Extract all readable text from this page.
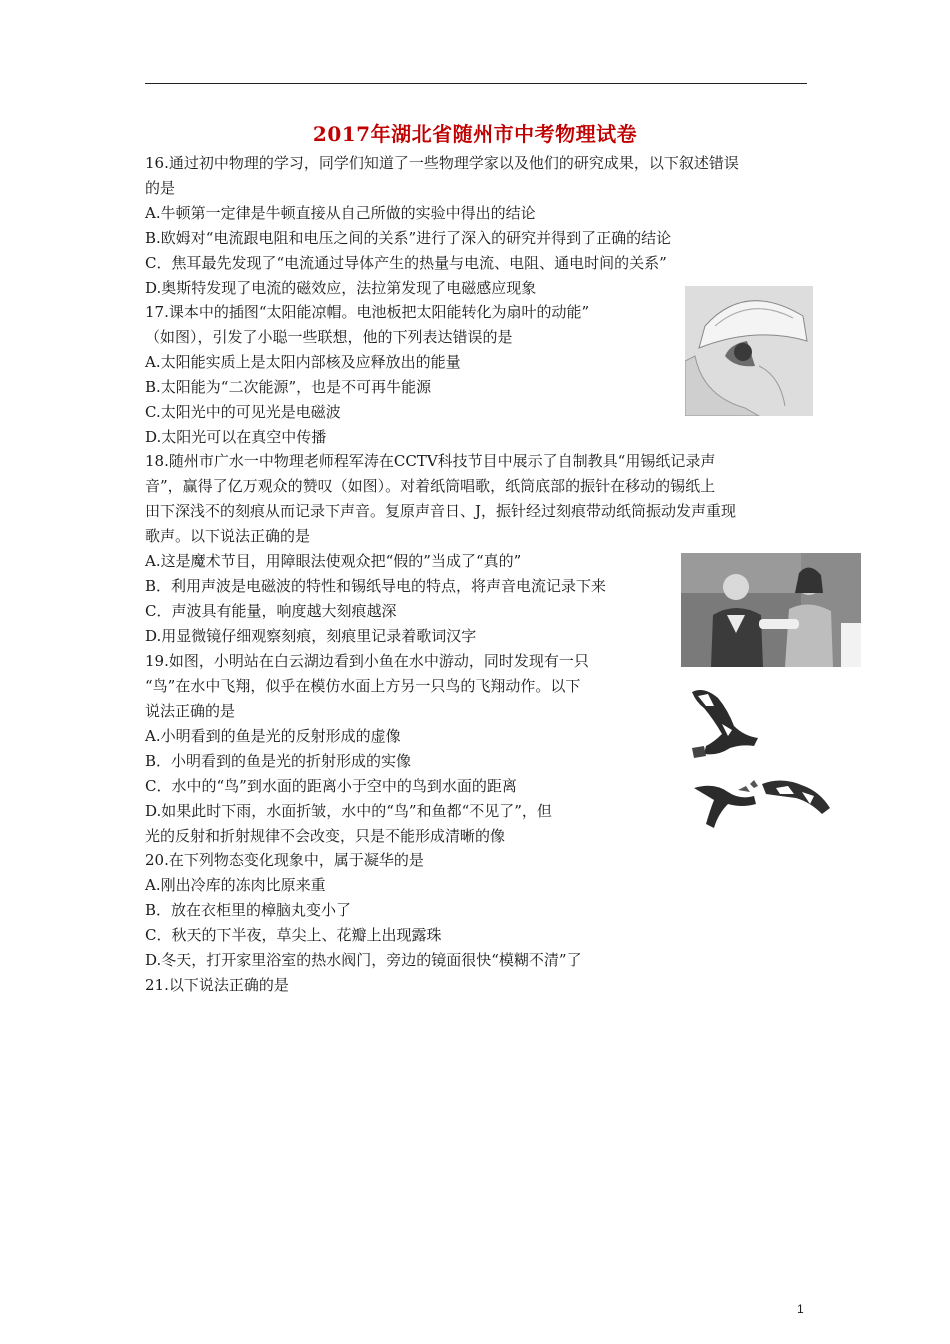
2017年湖北省随州市中考物理试卷
16.通过初中物理的学习，同学们知道了一些物理学家以及他们的研究成果，以下叙述错误
的是
A.牛顿第一定律是牛顿直接从自己所做的实验中得出的结论
B.欧姆对“电流跟电阻和电压之间的关系”进行了深入的研究并得到了正确的结论
C．焦耳最先发现了“电流通过导体产生的热量与电流、电阻、通电时间的关系”
D.奥斯特发现了电流的磁效应，法拉第发现了电磁感应现象
17.课本中的插图“太阳能凉帽。电池板把太阳能转化为扇叶的动能”
（如图），引发了小聪一些联想，他的下列表达错误的是
A.太阳能实质上是太阳内部核及应释放出的能量
B.太阳能为“二次能源”，也是不可再牛能源
C.太阳光中的可见光是电磁波
D.太阳光可以在真空中传播
18.随州市广水一中物理老师程军涛在CCTV科技节目中展示了自制教具“用锡纸记录声
音”，赢得了亿万观众的赞叹（如图）。对着纸筒唱歌，纸筒底部的振针在移动的锡纸上
田下深浅不的刻痕从而记录下声音。复原声音日、J，振针经过刻痕带动纸筒振动发声重现
歌声。以下说法正确的是
A.这是魔术节目，用障眼法使观众把“假的”当成了“真的”
B．利用声波是电磁波的特性和锡纸导电的特点，将声音电流记录下来
C．声波具有能量，响度越大刻痕越深
D.用显微镜仔细观察刻痕，刻痕里记录着歌词汉字
19.如图，小明站在白云湖边看到小鱼在水中游动，同时发现有一只
“鸟”在水中飞翔，似乎在模仿水面上方另一只鸟的飞翔动作。以下
说法正确的是
A.小明看到的鱼是光的反射形成的虚像
B．小明看到的鱼是光的折射形成的实像
C．水中的“鸟”到水面的距离小于空中的鸟到水面的距离
D.如果此时下雨，水面折皱，水中的“鸟”和鱼都“不见了”，但
光的反射和折射规律不会改变，只是不能形成清晰的像
20.在下列物态变化现象中，属于凝华的是
A.刚出冷库的冻肉比原来重
B．放在衣柜里的樟脑丸变小了
C．秋天的下半夜，草尖上、花瓣上出现露珠
D.冬天，打开家里浴室的热水阀门，旁边的镜面很快“模糊不清”了
21.以下说法正确的是
1
